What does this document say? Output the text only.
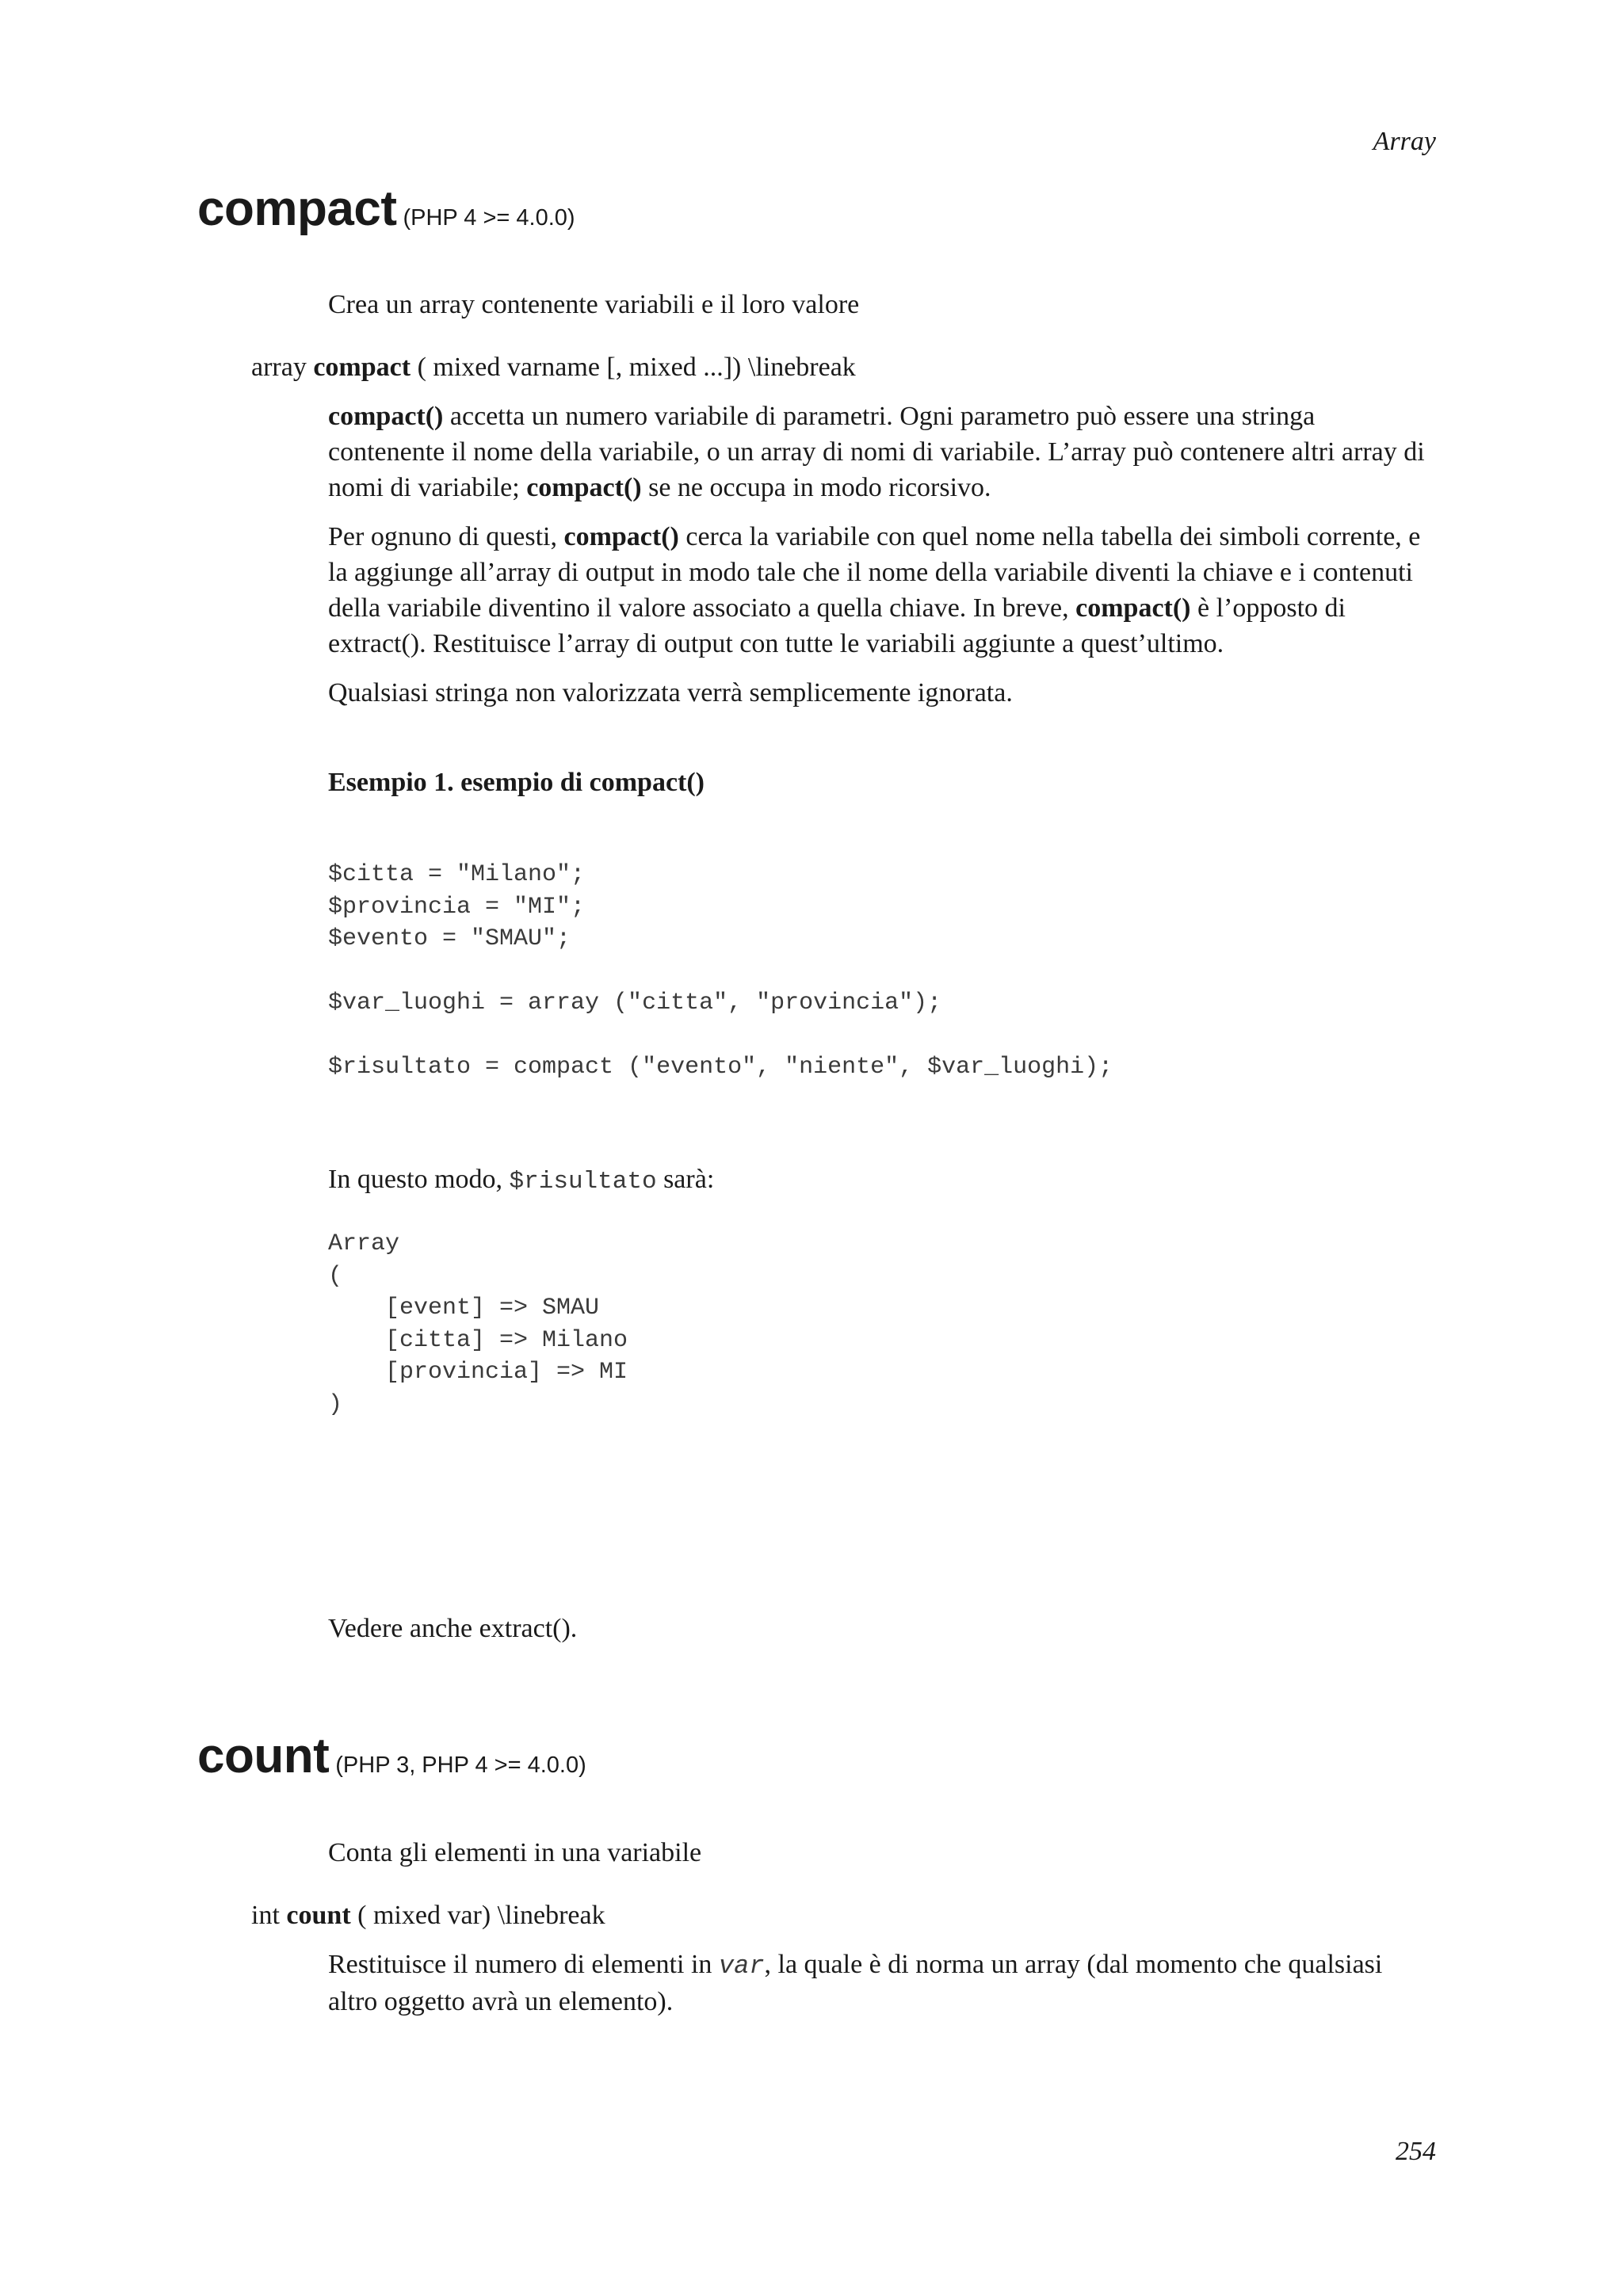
Array
compact (PHP 4 >= 4.0.0)
Crea un array contenente variabili e il loro valore
array compact ( mixed varname [, mixed ...]) \linebreak
compact() accetta un numero variabile di parametri. Ogni parametro può essere una stringa contenente il nome della variabile, o un array di nomi di variabile. L’array può contenere altri array di nomi di variabile; compact() se ne occupa in modo ricorsivo.
Per ognuno di questi, compact() cerca la variabile con quel nome nella tabella dei simboli corrente, e la aggiunge all’array di output in modo tale che il nome della variabile diventi la chiave e i contenuti della variabile diventino il valore associato a quella chiave. In breve, compact() è l’opposto di extract(). Restituisce l’array di output con tutte le variabili aggiunte a quest’ultimo.
Qualsiasi stringa non valorizzata verrà semplicemente ignorata.
Esempio 1. esempio di compact()
$citta = "Milano";
$provincia = "MI";
$evento = "SMAU";

$var_luoghi = array ("citta", "provincia");

$risultato = compact ("evento", "niente", $var_luoghi);
In questo modo, $risultato sarà:
Array
(
[event] => SMAU
[citta] => Milano
[provincia] => MI
)
Vedere anche extract().
count (PHP 3, PHP 4 >= 4.0.0)
Conta gli elementi in una variabile
int count ( mixed var) \linebreak
Restituisce il numero di elementi in var, la quale è di norma un array (dal momento che qualsiasi altro oggetto avrà un elemento).
254
